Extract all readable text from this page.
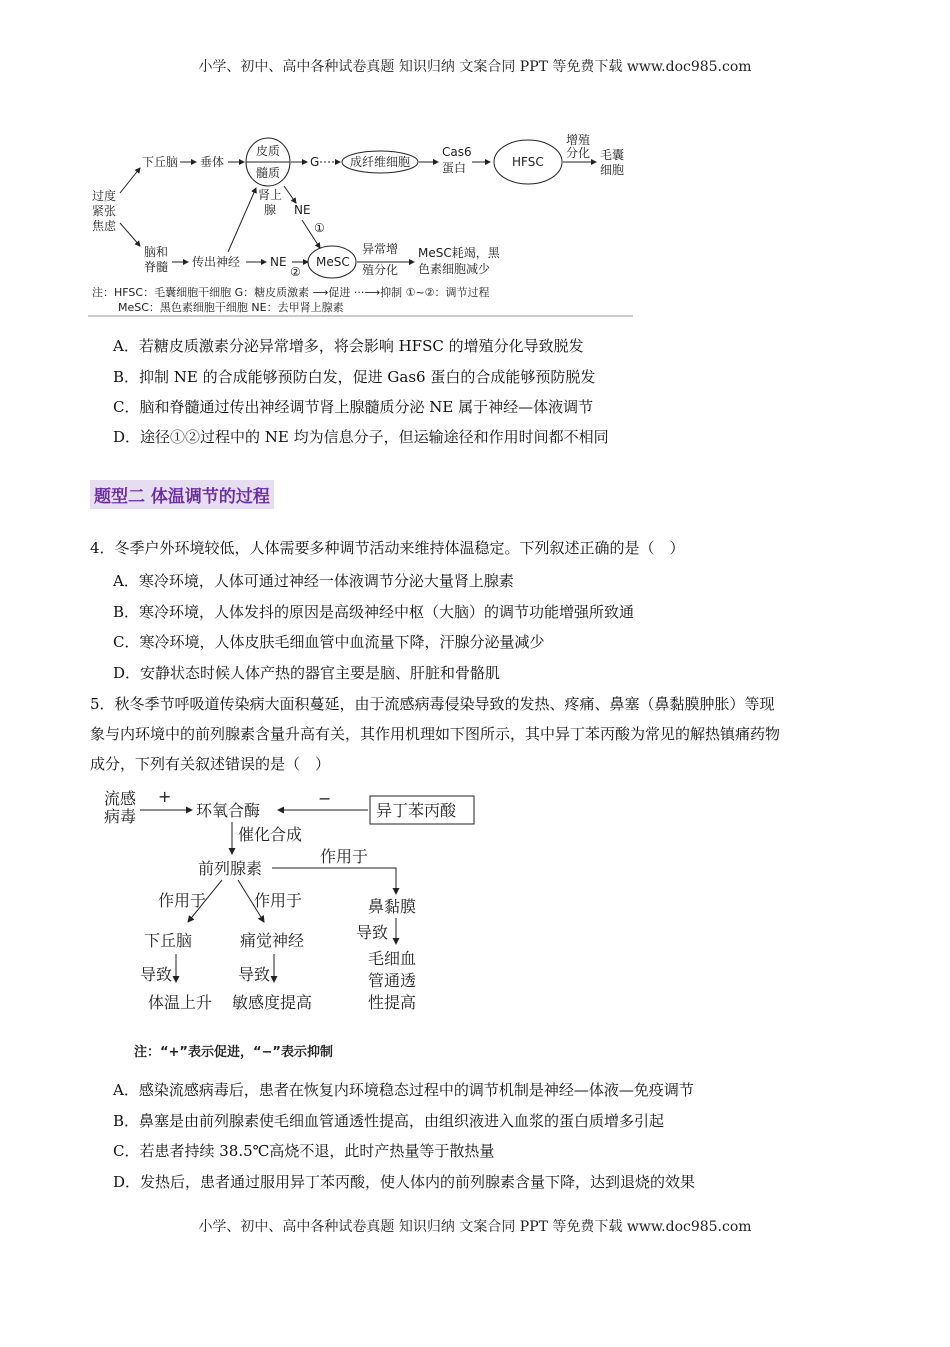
小学、初中、高中各种试卷真题 知识归纳 文案合同 PPT 等免费下载 www.doc985.com
过度
紧张
焦虑
下丘脑 垂体
皮质
髓质
G	成纤维细胞
Cas6
蛋白	HFSC
增殖
分化 毛囊
细胞
肾上
腺 NE
①
脑和
脊髓 传出神经 NE
②
MeSC
异常增
殖分化
MeSC耗竭，黑
色素细胞减少
注：HFSC：毛囊细胞干细胞 G：糖皮质激素 ⟶促进 ···⟶抑制 ①~②：调节过程
MeSC：黑色素细胞干细胞 NE：去甲肾上腺素
A．若糖皮质激素分泌异常增多，将会影响 HFSC 的增殖分化导致脱发
B．抑制 NE 的合成能够预防白发，促进 Gas6 蛋白的合成能够预防脱发
C．脑和脊髓通过传出神经调节肾上腺髓质分泌 NE 属于神经—体液调节
D．途径①②过程中的 NE 均为信息分子，但运输途径和作用时间都不相同
题型二 体温调节的过程
4．冬季户外环境较低，人体需要多种调节活动来维持体温稳定。下列叙述正确的是（　）
A．寒冷环境，人体可通过神经一体液调节分泌大量肾上腺素
B．寒冷环境，人体发抖的原因是高级神经中枢（大脑）的调节功能增强所致通
C．寒冷环境，人体皮肤毛细血管中血流量下降，汗腺分泌量减少
D．安静状态时候人体产热的器官主要是脑、肝脏和骨骼肌
5．秋冬季节呼吸道传染病大面积蔓延，由于流感病毒侵染导致的发热、疼痛、鼻塞（鼻黏膜肿胀）等现
象与内环境中的前列腺素含量升高有关，其作用机理如下图所示，其中异丁苯丙酸为常见的解热镇痛药物
成分，下列有关叙述错误的是（　）
流感
病毒
+
环氧合酶
−
异丁苯丙酸
催化合成
前列腺素
作用于
鼻黏膜
导致
毛细血
管通透
性提高
作用于	作用于
下丘脑	痛觉神经
导致	导致
体温上升 敏感度提高
注：“+”表示促进，“−”表示抑制
A．感染流感病毒后，患者在恢复内环境稳态过程中的调节机制是神经—体液—免疫调节
B．鼻塞是由前列腺素使毛细血管通透性提高，由组织液进入血浆的蛋白质增多引起
C．若患者持续 38.5℃高烧不退，此时产热量等于散热量
D．发热后，患者通过服用异丁苯丙酸，使人体内的前列腺素含量下降，达到退烧的效果
小学、初中、高中各种试卷真题 知识归纳 文案合同 PPT 等免费下载 www.doc985.com
